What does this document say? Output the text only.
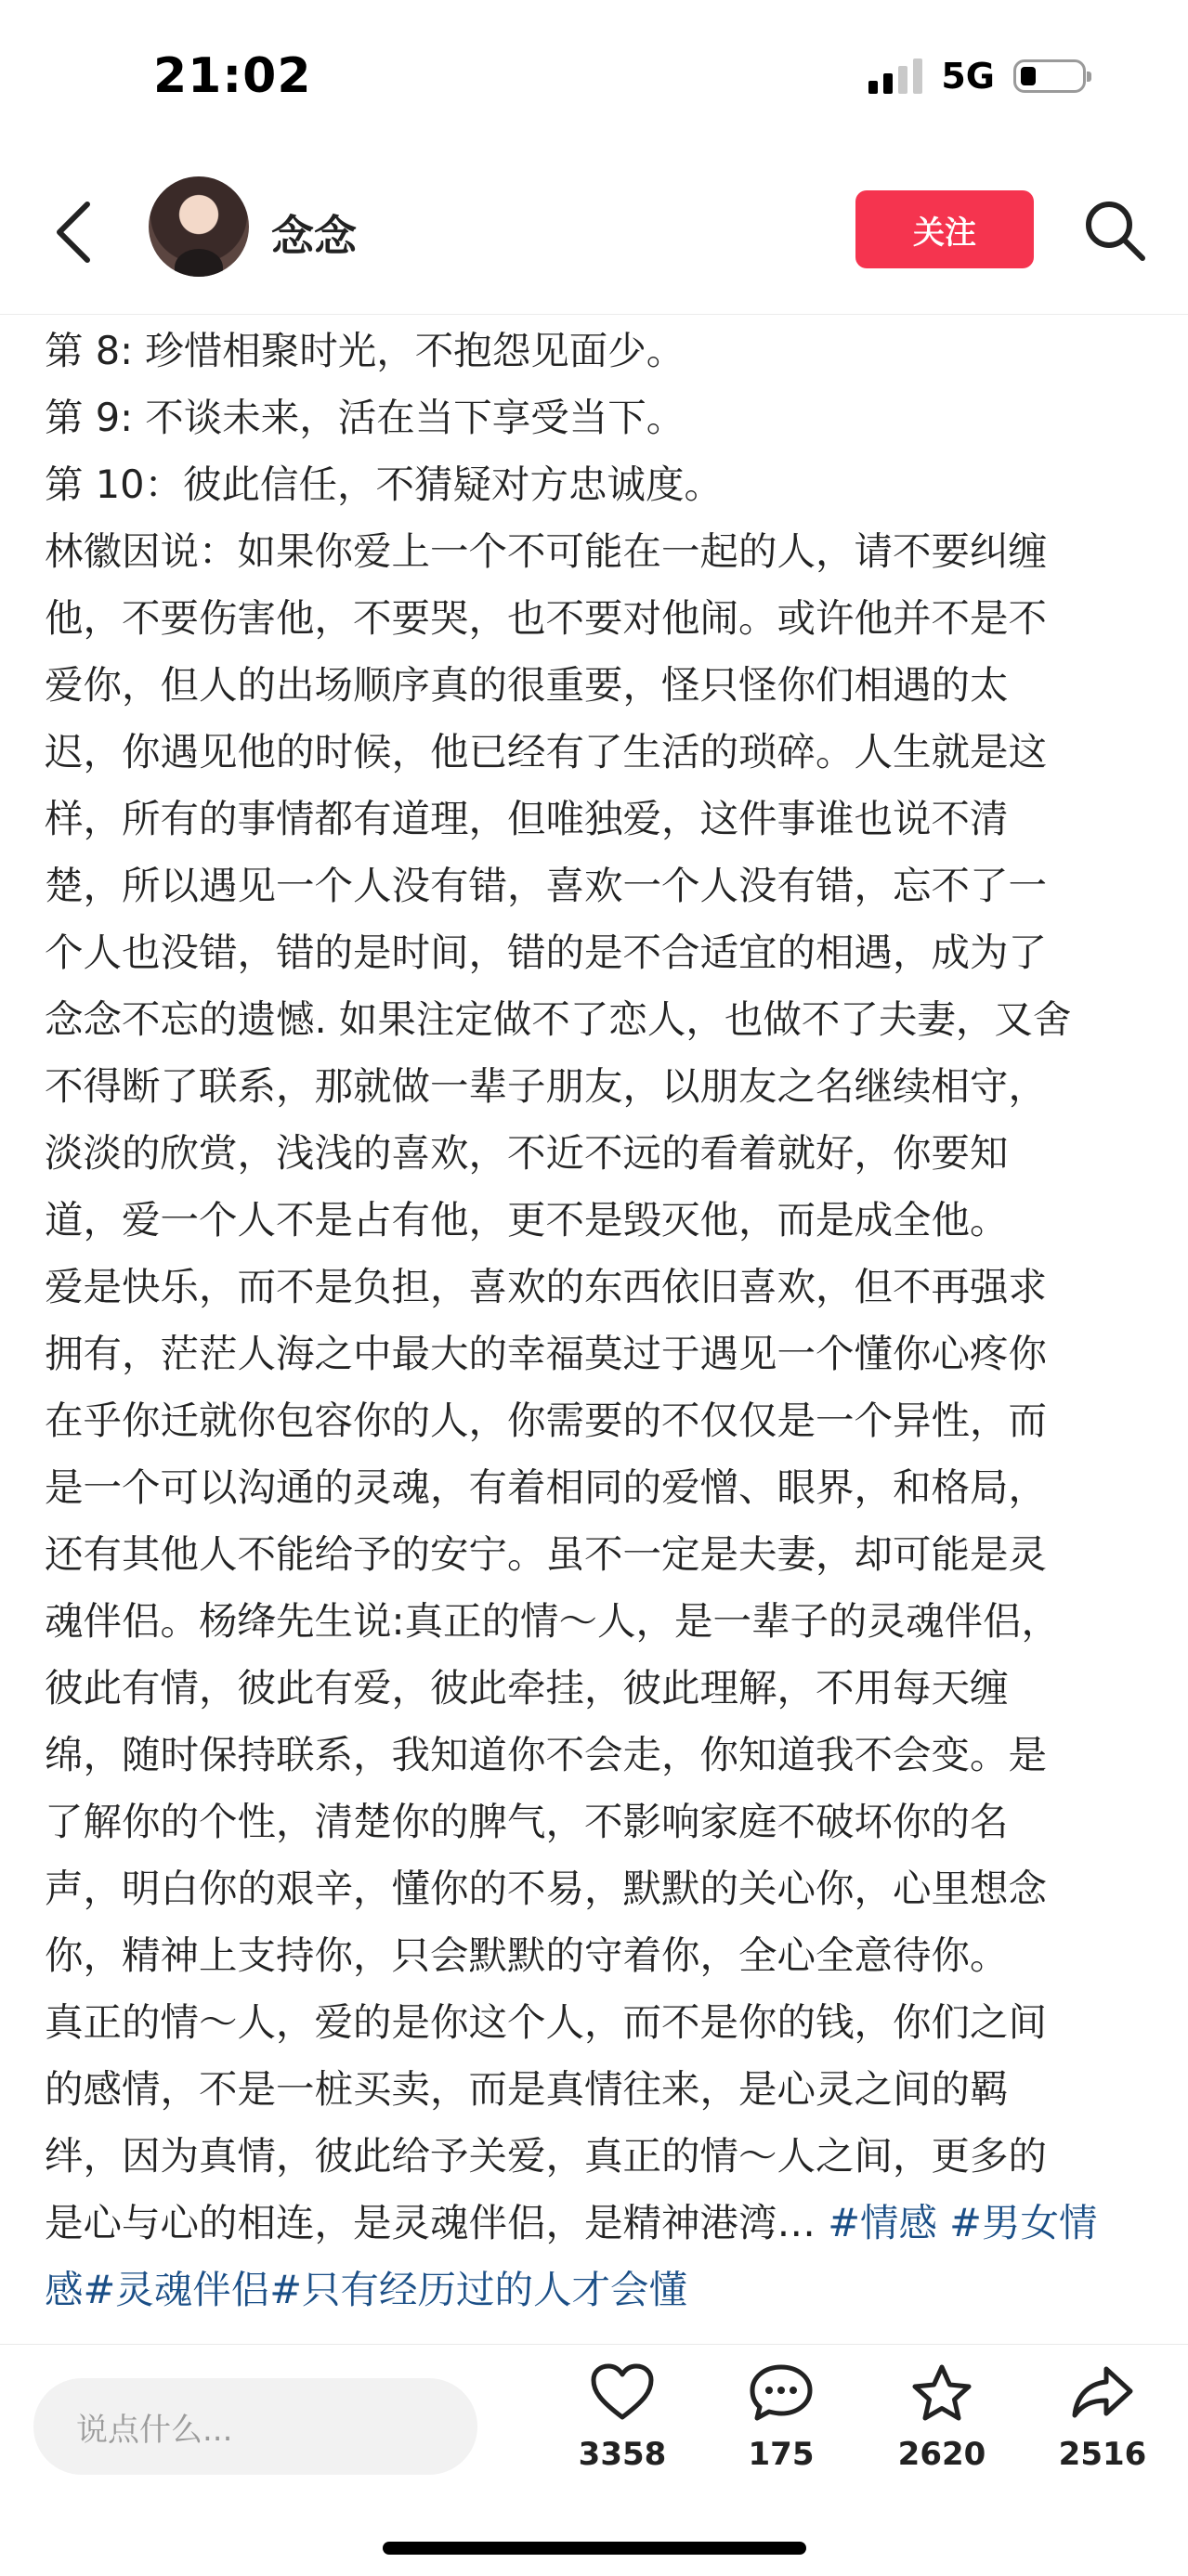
21:02	5G
念念	关注
第 8: 珍惜相聚时光，不抱怨见面少。
第 9: 不谈未来，活在当下享受当下。
第 10：彼此信任，不猜疑对方忠诚度。
林徽因说：如果你爱上一个不可能在一起的人，请不要纠缠
他，不要伤害他，不要哭，也不要对他闹。或许他并不是不
爱你，但人的出场顺序真的很重要，怪只怪你们相遇的太
迟，你遇见他的时候，他已经有了生活的琐碎。人生就是这
样，所有的事情都有道理，但唯独爱，这件事谁也说不清
楚，所以遇见一个人没有错，喜欢一个人没有错，忘不了一
个人也没错，错的是时间，错的是不合适宜的相遇，成为了
念念不忘的遗憾. 如果注定做不了恋人，也做不了夫妻，又舍
不得断了联系，那就做一辈子朋友，以朋友之名继续相守，
淡淡的欣赏，浅浅的喜欢，不近不远的看着就好，你要知
道，爱一个人不是占有他，更不是毁灭他，而是成全他。
爱是快乐，而不是负担，喜欢的东西依旧喜欢，但不再强求
拥有，茫茫人海之中最大的幸福莫过于遇见一个懂你心疼你
在乎你迁就你包容你的人，你需要的不仅仅是一个异性，而
是一个可以沟通的灵魂，有着相同的爱憎、眼界，和格局，
还有其他人不能给予的安宁。虽不一定是夫妻，却可能是灵
魂伴侣。杨绛先生说:真正的情～人，是一辈子的灵魂伴侣，
彼此有情，彼此有爱，彼此牵挂，彼此理解，不用每天缠
绵，随时保持联系，我知道你不会走，你知道我不会变。是
了解你的个性，清楚你的脾气，不影响家庭不破坏你的名
声，明白你的艰辛，懂你的不易，默默的关心你，心里想念
你，精神上支持你，只会默默的守着你，全心全意待你。
真正的情～人，爱的是你这个人，而不是你的钱，你们之间
的感情，不是一桩买卖，而是真情往来，是心灵之间的羁
绊，因为真情，彼此给予关爱，真正的情～人之间，更多的
是心与心的相连，是灵魂伴侣，是精神港湾… #情感 #男女情
感#灵魂伴侣#只有经历过的人才会懂
说点什么...
3358	175	2620	2516
